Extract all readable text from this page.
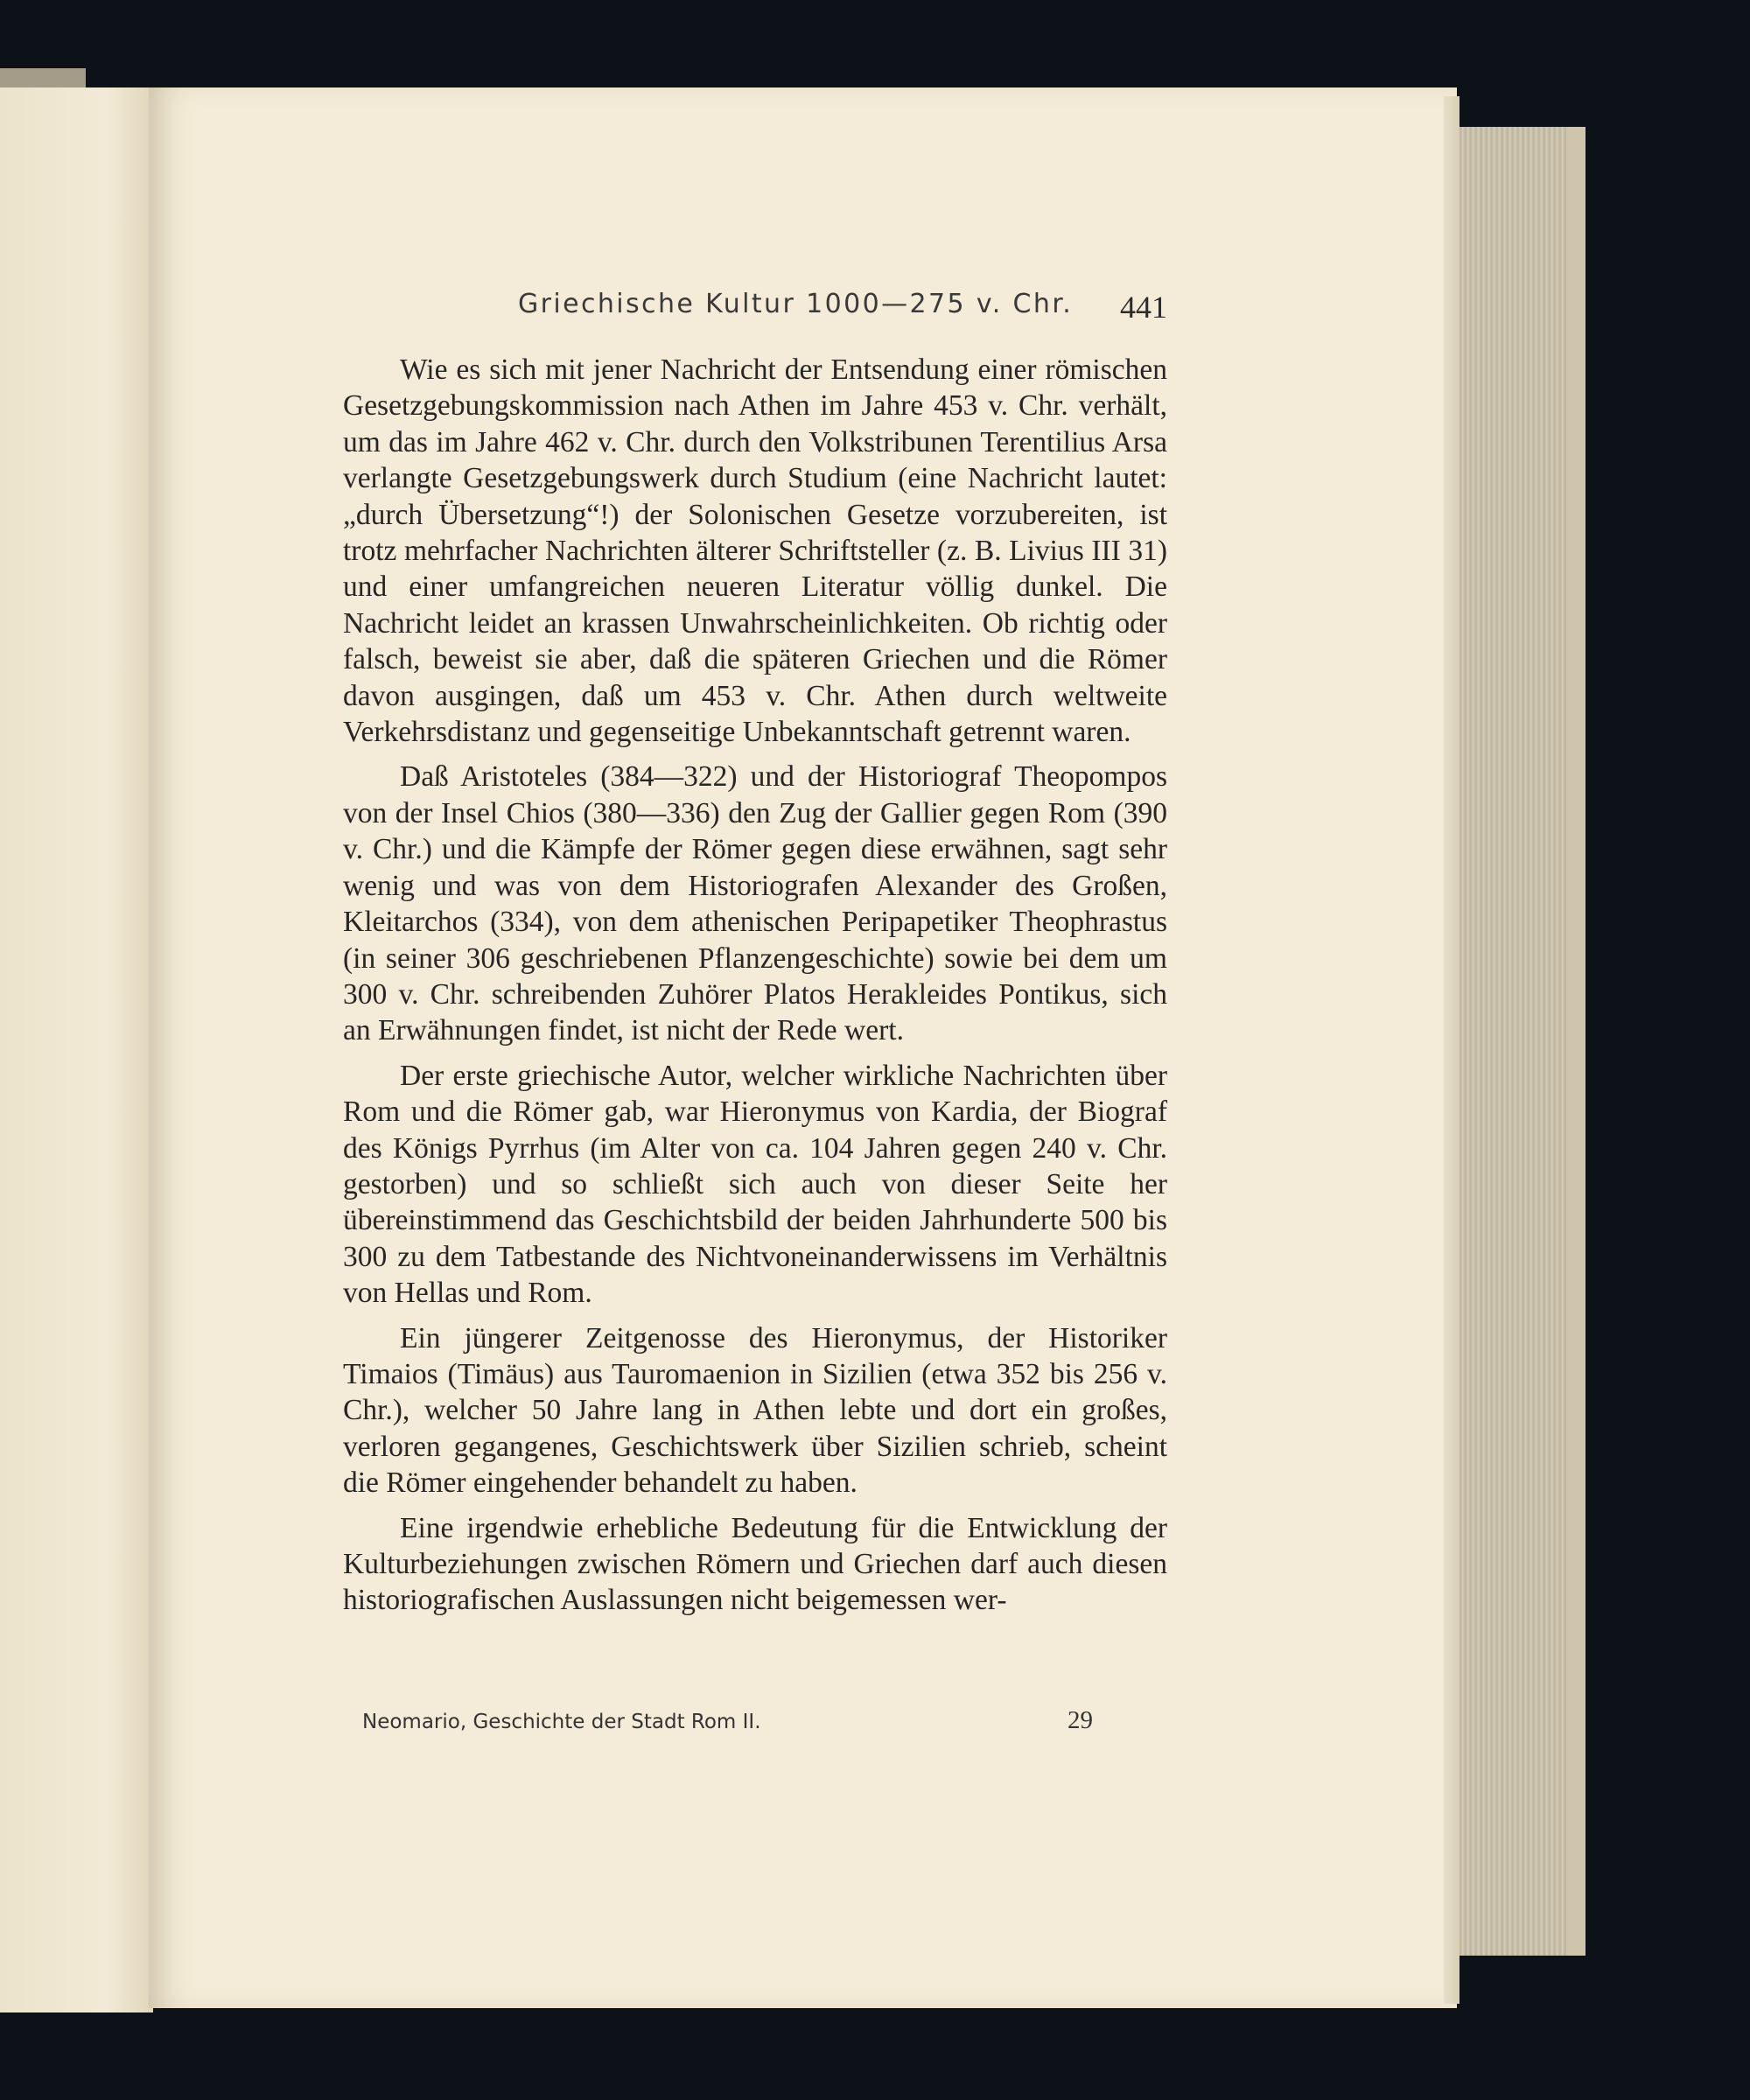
Griechische Kultur 1000—275 v. Chr.	441

Wie es sich mit jener Nachricht der Entsendung einer römischen Gesetzgebungskommission nach Athen im Jahre 453 v. Chr. verhält, um das im Jahre 462 v. Chr. durch den Volkstribunen Terentilius Arsa verlangte Gesetzgebungswerk durch Studium (eine Nachricht lautet: „durch Übersetzung“!) der Solonischen Gesetze vorzubereiten, ist trotz mehrfacher Nachrichten älterer Schriftsteller (z. B. Livius III 31) und einer umfangreichen neueren Literatur völlig dunkel. Die Nachricht leidet an krassen Unwahrscheinlichkeiten. Ob richtig oder falsch, beweist sie aber, daß die späteren Griechen und die Römer davon ausgingen, daß um 453 v. Chr. Athen durch weltweite Verkehrsdistanz und gegenseitige Unbekanntschaft getrennt waren.

Daß Aristoteles (384—322) und der Historiograf Theopompos von der Insel Chios (380—336) den Zug der Gallier gegen Rom (390 v. Chr.) und die Kämpfe der Römer gegen diese erwähnen, sagt sehr wenig und was von dem Historiografen Alexander des Großen, Kleitarchos (334), von dem athenischen Peripapetiker Theophrastus (in seiner 306 geschriebenen Pflanzengeschichte) sowie bei dem um 300 v. Chr. schreibenden Zuhörer Platos Herakleides Pontikus, sich an Erwähnungen findet, ist nicht der Rede wert.

Der erste griechische Autor, welcher wirkliche Nachrichten über Rom und die Römer gab, war Hieronymus von Kardia, der Biograf des Königs Pyrrhus (im Alter von ca. 104 Jahren gegen 240 v. Chr. gestorben) und so schließt sich auch von dieser Seite her übereinstimmend das Geschichtsbild der beiden Jahrhunderte 500 bis 300 zu dem Tatbestande des Nichtvoneinanderwissens im Verhältnis von Hellas und Rom.

Ein jüngerer Zeitgenosse des Hieronymus, der Historiker Timaios (Timäus) aus Tauromaenion in Sizilien (etwa 352 bis 256 v. Chr.), welcher 50 Jahre lang in Athen lebte und dort ein großes, verloren gegangenes, Geschichtswerk über Sizilien schrieb, scheint die Römer eingehender behandelt zu haben.

Eine irgendwie erhebliche Bedeutung für die Entwicklung der Kulturbeziehungen zwischen Römern und Griechen darf auch diesen historiografischen Auslassungen nicht beigemessen wer-

Neomario, Geschichte der Stadt Rom II.	29
